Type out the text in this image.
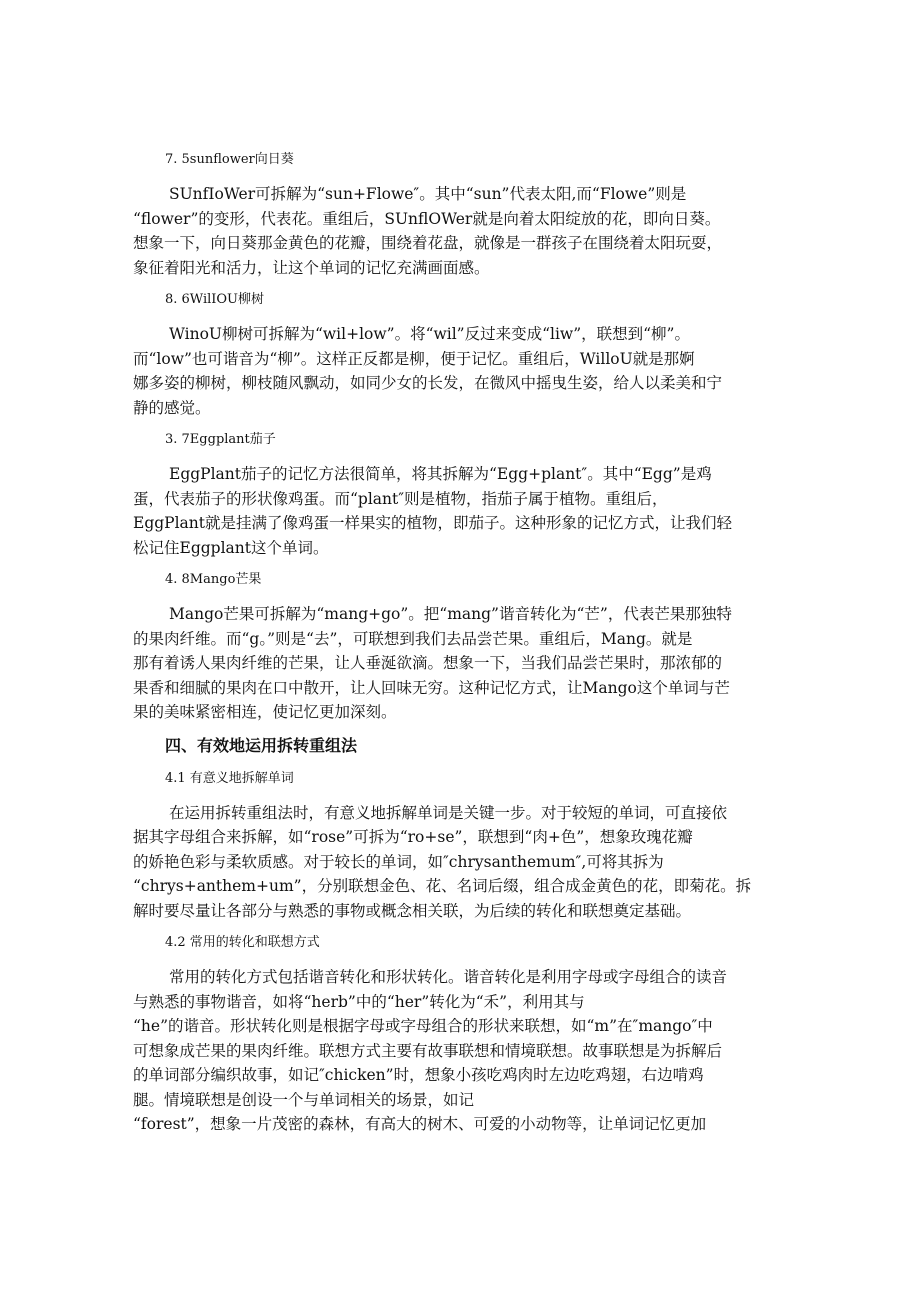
7. 5sunflower向日葵
SUnfIoWer可拆解为“sun+Flowe″。其中“sun”代表太阳,而“Flowe”则是
“flower”的变形，代表花。重组后，SUnflOWer就是向着太阳绽放的花，即向日葵。
想象一下，向日葵那金黄色的花瓣，围绕着花盘，就像是一群孩子在围绕着太阳玩耍，
象征着阳光和活力，让这个单词的记忆充满画面感。
8. 6WilIOU柳树
WinoU柳树可拆解为“wil+low”。将“wil”反过来变成“liw”，联想到“柳”。
而“low”也可谐音为“柳”。这样正反都是柳，便于记忆。重组后，WilloU就是那婀
娜多姿的柳树，柳枝随风飘动，如同少女的长发，在微风中摇曳生姿，给人以柔美和宁
静的感觉。
3. 7Eggplant茄子
EggPlant茄子的记忆方法很简单，将其拆解为“Egg+plant″。其中“Egg”是鸡
蛋，代表茄子的形状像鸡蛋。而“plant″则是植物，指茄子属于植物。重组后，
EggPlant就是挂满了像鸡蛋一样果实的植物，即茄子。这种形象的记忆方式，让我们轻
松记住Eggplant这个单词。
4. 8Mango芒果
Mango芒果可拆解为“mang+go”。把“mang”谐音转化为“芒”，代表芒果那独特
的果肉纤维。而“g。”则是“去”，可联想到我们去品尝芒果。重组后，Mang。就是
那有着诱人果肉纤维的芒果，让人垂涎欲滴。想象一下，当我们品尝芒果时，那浓郁的
果香和细腻的果肉在口中散开，让人回味无穷。这种记忆方式，让Mango这个单词与芒
果的美味紧密相连，使记忆更加深刻。
四、有效地运用拆转重组法
4.1 有意义地拆解单词
在运用拆转重组法时，有意义地拆解单词是关键一步。对于较短的单词，可直接依
据其字母组合来拆解，如“rose”可拆为“ro+se”，联想到“肉+色”，想象玫瑰花瓣
的娇艳色彩与柔软质感。对于较长的单词，如″chrysanthemum″,可将其拆为
“chrys+anthem+um”，分别联想金色、花、名词后缀，组合成金黄色的花，即菊花。拆
解时要尽量让各部分与熟悉的事物或概念相关联，为后续的转化和联想奠定基础。
4.2 常用的转化和联想方式
常用的转化方式包括谐音转化和形状转化。谐音转化是利用字母或字母组合的读音
与熟悉的事物谐音，如将“herb”中的“her”转化为“禾”，利用其与
“he”的谐音。形状转化则是根据字母或字母组合的形状来联想，如“m”在″mango″中
可想象成芒果的果肉纤维。联想方式主要有故事联想和情境联想。故事联想是为拆解后
的单词部分编织故事，如记″chicken”时，想象小孩吃鸡肉时左边吃鸡翅，右边啃鸡
腿。情境联想是创设一个与单词相关的场景，如记
“forest”，想象一片茂密的森林，有高大的树木、可爱的小动物等，让单词记忆更加
